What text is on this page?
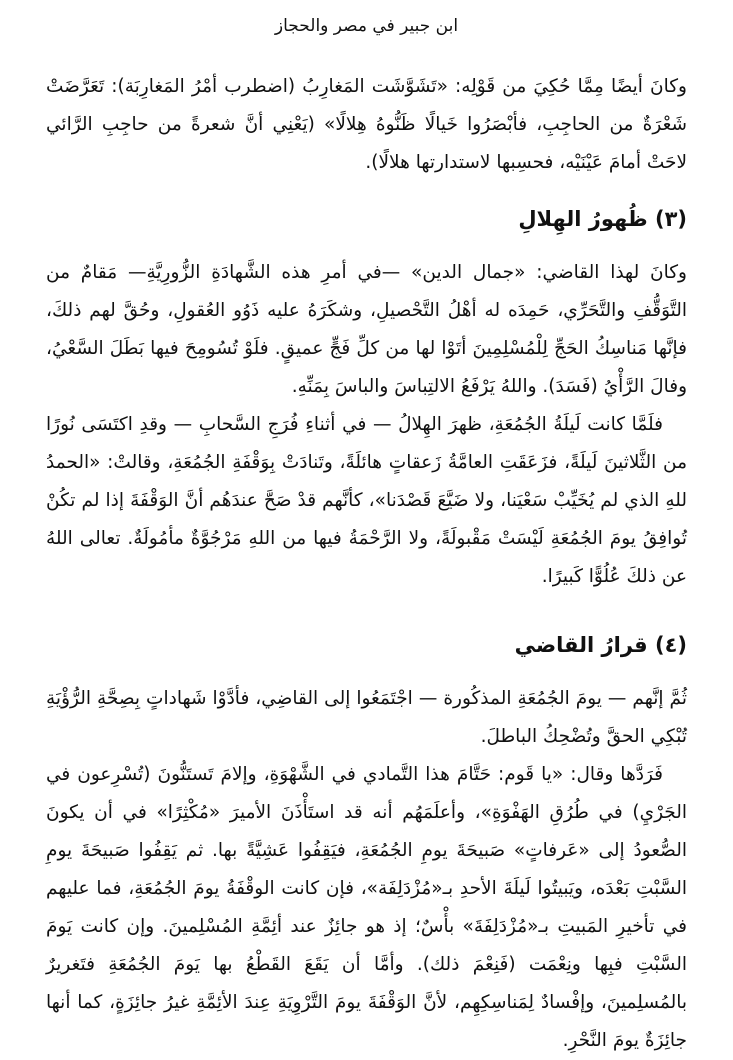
ابن جبير في مصر والحجاز

وكانَ أيضًا مِمَّا حُكِيَ من قَوْلِه: «تَشَوَّشَت المَغارِبُ (اضطرب أمْرُ المَغارِبَة): تَعَرَّضَتْ شَعْرَةٌ من الحاجِبِ، فأبْصَرُوا خَيالًا ظَنُّوهُ هِلالًا» (يَعْنِي أنَّ شعرةً من حاجِبِ الرَّائي لاحَتْ أمامَ عَيْنَيْه، فحسِبها لاستدارتها هلالًا).

(٣) ظُهورُ الهِلالِ

وكانَ لهذا القاضي: «جمال الدين» —في أمرِ هذه الشَّهادَةِ الزُّورِيَّةِ— مَقامٌ من التَّوَقُّفِ والتَّحَرِّي، حَمِدَه له أهْلُ التَّحْصيلِ، وشكَرَهُ عليه ذَوُو العُقولِ، وحُقَّ لهم ذلكَ، فإنَّها مَناسِكُ الحَجِّ لِلْمُسْلِمِينَ أتَوْا لها من كلِّ فَجٍّ عميقٍ. فلَوْ تُسُومِحَ فيها بَطَلَ السَّعْيُ، وفالَ الرَّأْيُ (فَسَدَ). واللهُ يَرْفَعُ الالتِباسَ والباسَ بِمَنِّهِ.

فلَمَّا كانت لَيلَةُ الجُمُعَةِ، ظهرَ الهِلالُ — في أثناءِ فُرَجِ السَّحابِ — وقدِ اكتَسَى نُورًا من الثَّلاثينَ لَيلَةً، فزَعَقَتِ العامَّةُ زَعقاتٍ هائلَةً، وتَنادَتْ بِوَقْفَةِ الجُمُعَةِ، وقالتْ: «الحمدُ للهِ الذي لم يُخَيِّبْ سَعْيَنا، ولا ضَيَّعَ قَصْدَنا»، كأنَّهم قدْ صَحَّ عندَهُم أنَّ الوَقْفَةَ إذا لم تكُنْ تُوافِقُ يومَ الجُمُعَةِ لَيْسَتْ مَقْبولَةً، ولا الرَّحْمَةُ فيها من اللهِ مَرْجُوَّةٌ مأمُولَةٌ. تعالى اللهُ عن ذلكَ عُلُوًّا كَبيرًا.

(٤) قرارُ القاضي

ثُمَّ إنَّهم — يومَ الجُمُعَةِ المذكُورة — اجْتَمَعُوا إلى القاضِي، فأدَّوْا شَهاداتٍ بِصِحَّةِ الرُّؤْيَةِ تُبْكِي الحقَّ وتُضْحِكُ الباطلَ.

فَرَدَّها وقال: «يا قَوم: حَتَّامَ هذا التَّمادي في الشَّهْوَةِ، وإلامَ تَستَنُّونَ (تُسْرِعون في الجَرْيِ) في طُرُقِ الهَفْوَةِ»، وأعلَمَهُم أنه قد استَأْذَنَ الأميرَ «مُكْثِرًا» في أن يكونَ الصُّعودُ إلى «عَرفاتٍ» صَبيحَةَ يومِ الجُمُعَةِ، فيَقِفُوا عَشِيَّةً بها. ثم يَقِفُوا صَبيحَةَ يومِ السَّبْتِ بَعْدَه، ويَبيتُوا لَيلَةَ الأحدِ بـ«مُزْدَلِفَة»، فإن كانت الوقْفَةُ يومَ الجُمُعَةِ، فما عليهم في تأخيرِ المَبيتِ بـ«مُزْدَلِفَةَ» بأْسٌ؛ إذ هو جائِزٌ عند أئِمَّةِ المُسْلِمينَ. وإن كانت يَومَ السَّبْتِ فبِها ونِعْمَت (فَنِعْمَ ذلك). وأمَّا أن يَقَعَ القَطْعُ بها يَومَ الجُمُعَةِ فتَغريرٌ بالمُسلِمينَ، وإفْسادٌ لِمَناسِكِهِم، لأنَّ الوَقْفَةَ يومَ التَّرْوِيَةِ عِندَ الأئِمَّةِ غيرُ جائِزَةٍ، كما أنها جائِزَةٌ يومَ النَّحْرِ.
